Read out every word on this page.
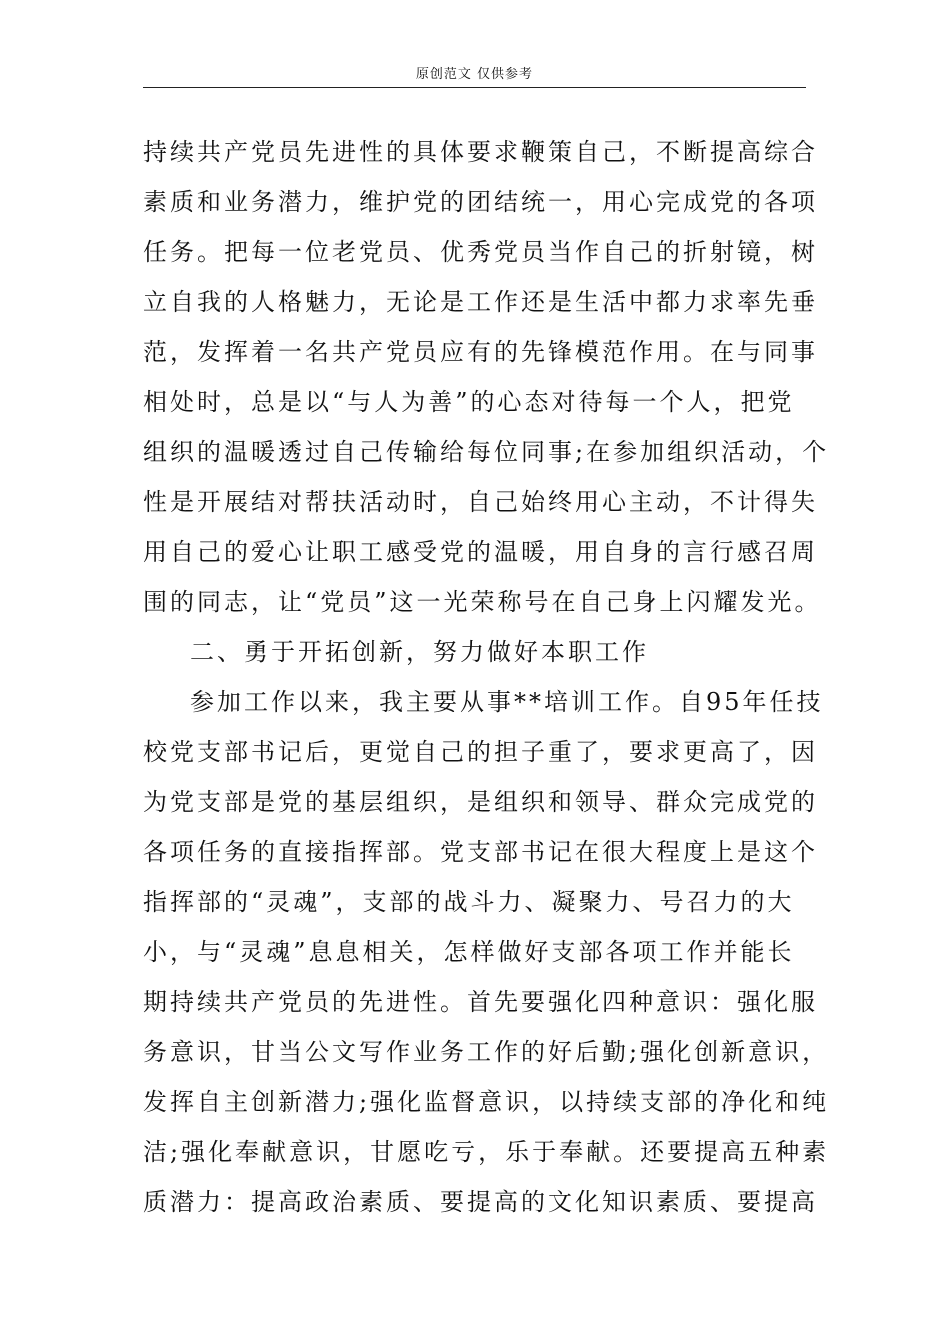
原创范文 仅供参考
持续共产党员先进性的具体要求鞭策自己，不断提高综合
素质和业务潜力，维护党的团结统一，用心完成党的各项
任务。把每一位老党员、优秀党员当作自己的折射镜，树
立自我的人格魅力，无论是工作还是生活中都力求率先垂
范，发挥着一名共产党员应有的先锋模范作用。在与同事
相处时，总是以“与人为善”的心态对待每一个人，把党
组织的温暖透过自己传输给每位同事;在参加组织活动，个
性是开展结对帮扶活动时，自己始终用心主动，不计得失
用自己的爱心让职工感受党的温暖，用自身的言行感召周
围的同志，让“党员”这一光荣称号在自己身上闪耀发光。
二、勇于开拓创新，努力做好本职工作
参加工作以来，我主要从事**培训工作。自95年任技
校党支部书记后，更觉自己的担子重了，要求更高了，因
为党支部是党的基层组织，是组织和领导、群众完成党的
各项任务的直接指挥部。党支部书记在很大程度上是这个
指挥部的“灵魂”，支部的战斗力、凝聚力、号召力的大
小，与“灵魂”息息相关，怎样做好支部各项工作并能长
期持续共产党员的先进性。首先要强化四种意识：强化服
务意识，甘当公文写作业务工作的好后勤;强化创新意识，
发挥自主创新潜力;强化监督意识，以持续支部的净化和纯
洁;强化奉献意识，甘愿吃亏，乐于奉献。还要提高五种素
质潜力：提高政治素质、要提高的文化知识素质、要提高
